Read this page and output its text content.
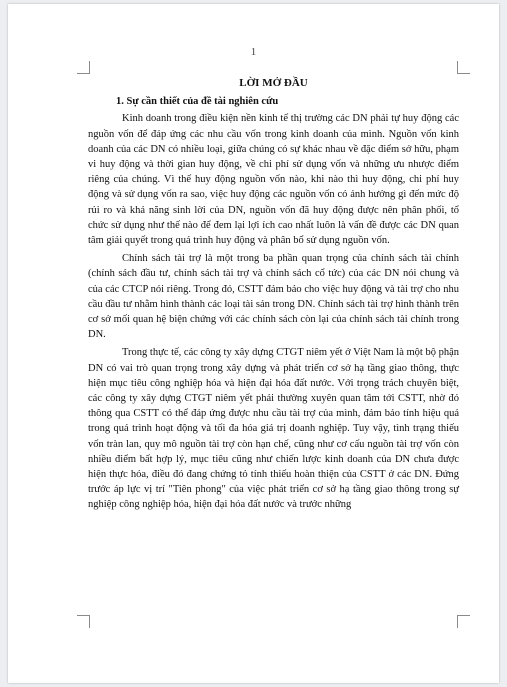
1
LỜI MỞ ĐẦU
1. Sự cần thiết của đề tài nghiên cứu

Kinh doanh trong điều kiện nền kinh tế thị trường các DN phải tự huy động các nguồn vốn để đáp ứng các nhu cầu vốn trong kinh doanh của mình. Nguồn vốn kinh doanh của các DN có nhiều loại, giữa chúng có sự khác nhau về đặc điểm sở hữu, phạm vi huy động và thời gian huy động, về chi phí sử dụng vốn và những ưu nhược điểm riêng của chúng. Vì thế huy động nguồn vốn nào, khi nào thì huy động, chi phí huy động và sử dụng vốn ra sao, việc huy động các nguồn vốn có ảnh hưởng gì đến mức độ rủi ro và khả năng sinh lời của DN, nguồn vốn đã huy động được nên phân phối, tổ chức sử dụng như thế nào để đem lại lợi ích cao nhất luôn là vấn đề được các DN quan tâm giải quyết trong quá trình huy động và phân bổ sử dụng nguồn vốn.

Chính sách tài trợ là một trong ba phần quan trọng của chính sách tài chính (chính sách đầu tư, chính sách tài trợ và chính sách cổ tức) của các DN nói chung và của các CTCP nói riêng. Trong đó, CSTT đảm bảo cho việc huy động và tài trợ cho nhu cầu đầu tư nhằm hình thành các loại tài sản trong DN. Chính sách tài trợ hình thành trên cơ sở mối quan hệ biện chứng với các chính sách còn lại của chính sách tài chính trong DN.

Trong thực tế, các công ty xây dựng CTGT niêm yết ở Việt Nam là một bộ phận DN có vai trò quan trọng trong xây dựng và phát triển cơ sở hạ tầng giao thông, thực hiện mục tiêu công nghiệp hóa và hiện đại hóa đất nước. Với trọng trách chuyên biệt, các công ty xây dựng CTGT niêm yết phải thường xuyên quan tâm tới CSTT, nhờ đó thông qua CSTT có thể đáp ứng được nhu cầu tài trợ của mình, đảm bảo tính hiệu quả trong quá trình hoạt động và tối đa hóa giá trị doanh nghiệp. Tuy vậy, tình trạng thiếu vốn tràn lan, quy mô nguồn tài trợ còn hạn chế, cũng như cơ cấu nguồn tài trợ vốn còn nhiều điểm bất hợp lý, mục tiêu cũng như chiến lược kinh doanh của DN chưa được hiện thực hóa, điều đó đang chứng tỏ tính thiếu hoàn thiện của CSTT ở các DN. Đứng trước áp lực vị trí "Tiên phong" của việc phát triển cơ sở hạ tầng giao thông trong sự nghiệp công nghiệp hóa, hiện đại hóa đất nước và trước những
